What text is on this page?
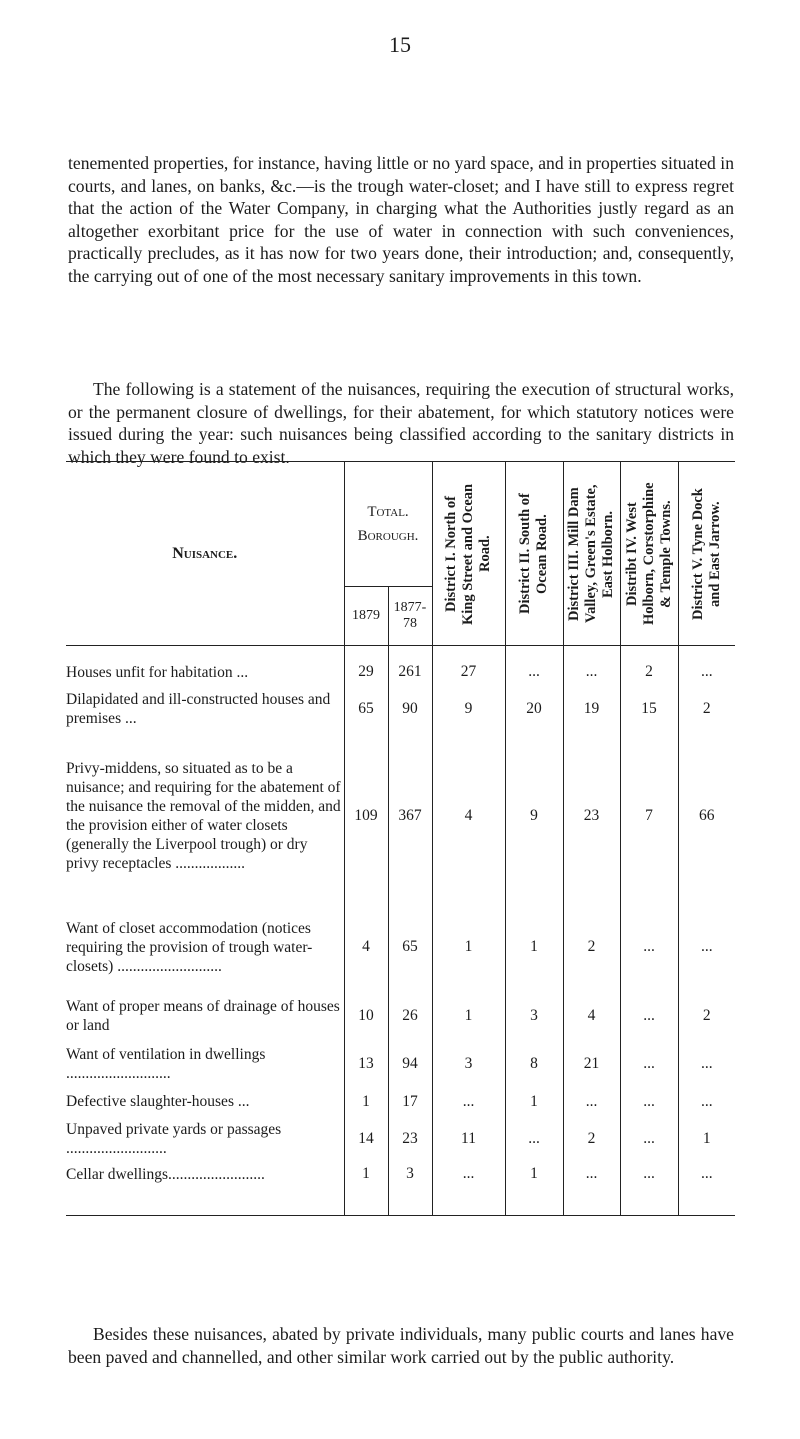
15

tenemented properties, for instance, having little or no yard space, and in properties situated in courts, and lanes, on banks, &c.—is the trough water-closet; and I have still to express regret that the action of the Water Company, in charging what the Authorities justly regard as an altogether exorbitant price for the use of water in connection with such conveniences, practically precludes, as it has now for two years done, their introduction; and, consequently, the carrying out of one of the most necessary sanitary improvements in this town.

The following is a statement of the nuisances, requiring the execution of structural works, or the permanent closure of dwellings, for their abatement, for which statutory notices were issued during the year: such nuisances being classified according to the sanitary districts in which they were found to exist.

Nuisance.	Total.
Borough.		District I. North of King Street and Ocean Road.	District II. South of Ocean Road.	District III. Mill Dam Valley, Green's Estate, East Holborn.	Distribt IV. West Holborn, Corstorphine & Temple Towns.	District V. Tyne Dock and East Jarrow.

	1879	1877-78					
Houses unfit for habitation ...	29	261	27	...	...	2	...
Dilapidated and ill-constructed houses and premises ...	65	90	9	20	19	15	2
Privy-middens, so situated as to be a nuisance; and requiring for the abatement of the nuisance the removal of the midden, and the provision either of water closets (generally the Liverpool trough) or dry privy receptacles ..................	109	367	4	9	23	7	66
Want of closet accommodation (notices requiring the provision of trough water-closets) ...........................	4	65	1	1	2	...	...
Want of proper means of drainage of houses or land	10	26	1	3	4	...	2
Want of ventilation in dwellings ...........................	13	94	3	8	21	...	...
Defective slaughter-houses ...	1	17	...	1	...	...	...
Unpaved private yards or passages ..........................	14	23	11	...	2	...	1
Cellar dwellings.........................	1	3	...	1	...	...	...

Besides these nuisances, abated by private individuals, many public courts and lanes have been paved and channelled, and other similar work carried out by the public authority.
